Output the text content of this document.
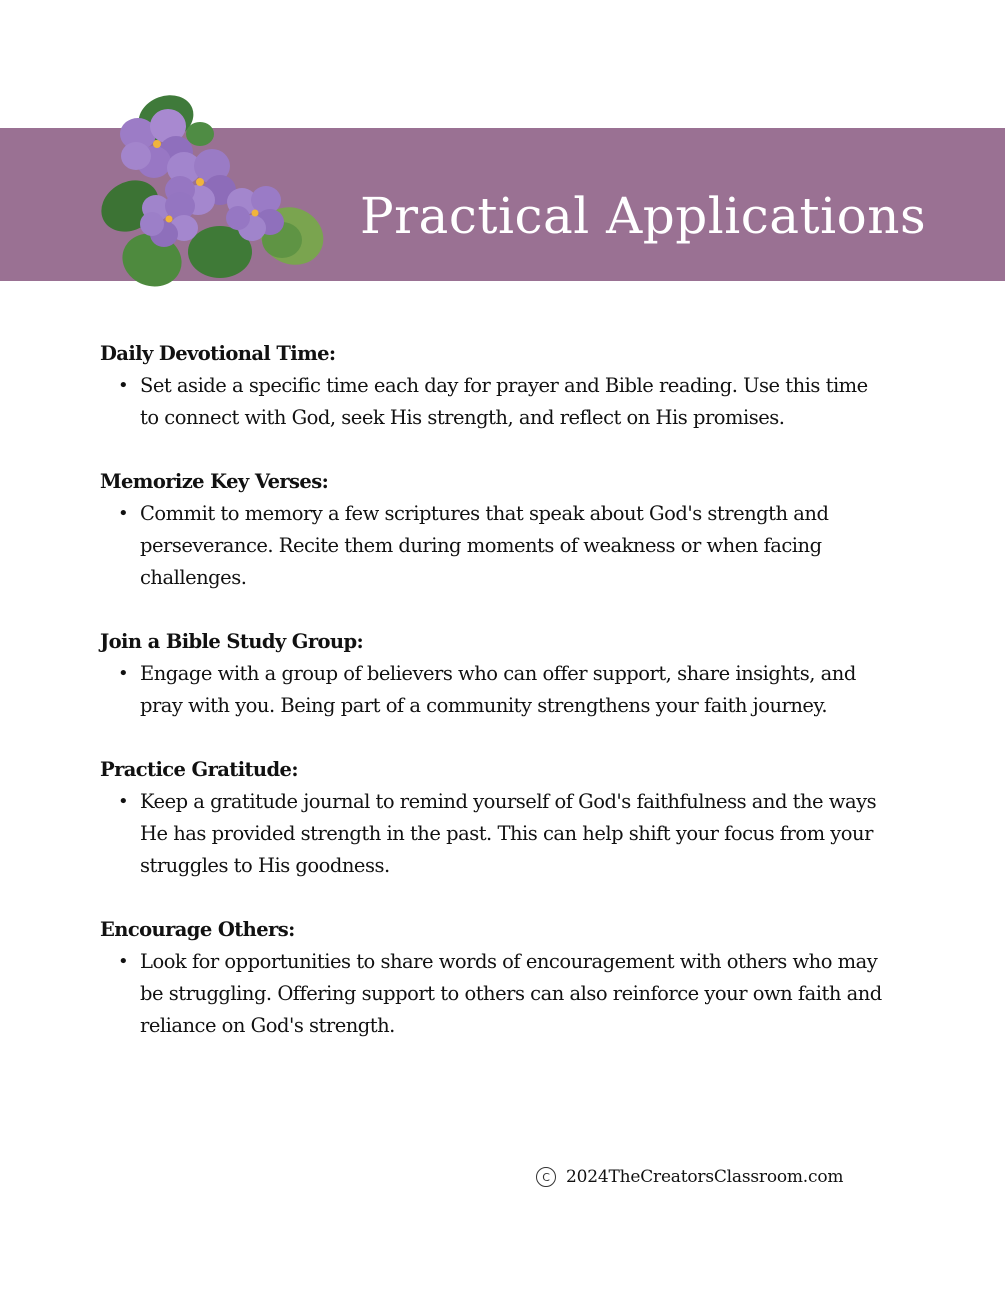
Practical Applications

Daily Devotional Time:

• Set aside a specific time each day for prayer and Bible reading. Use this time to connect with God, seek His strength, and reflect on His promises.

Memorize Key Verses:

• Commit to memory a few scriptures that speak about God's strength and perseverance. Recite them during moments of weakness or when facing challenges.

Join a Bible Study Group:

• Engage with a group of believers who can offer support, share insights, and pray with you. Being part of a community strengthens your faith journey.

Practice Gratitude:

• Keep a gratitude journal to remind yourself of God's faithfulness and the ways He has provided strength in the past. This can help shift your focus from your struggles to His goodness.

Encourage Others:

• Look for opportunities to share words of encouragement with others who may be struggling. Offering support to others can also reinforce your own faith and reliance on God's strength.
C 2024TheCreatorsClassroom.com
